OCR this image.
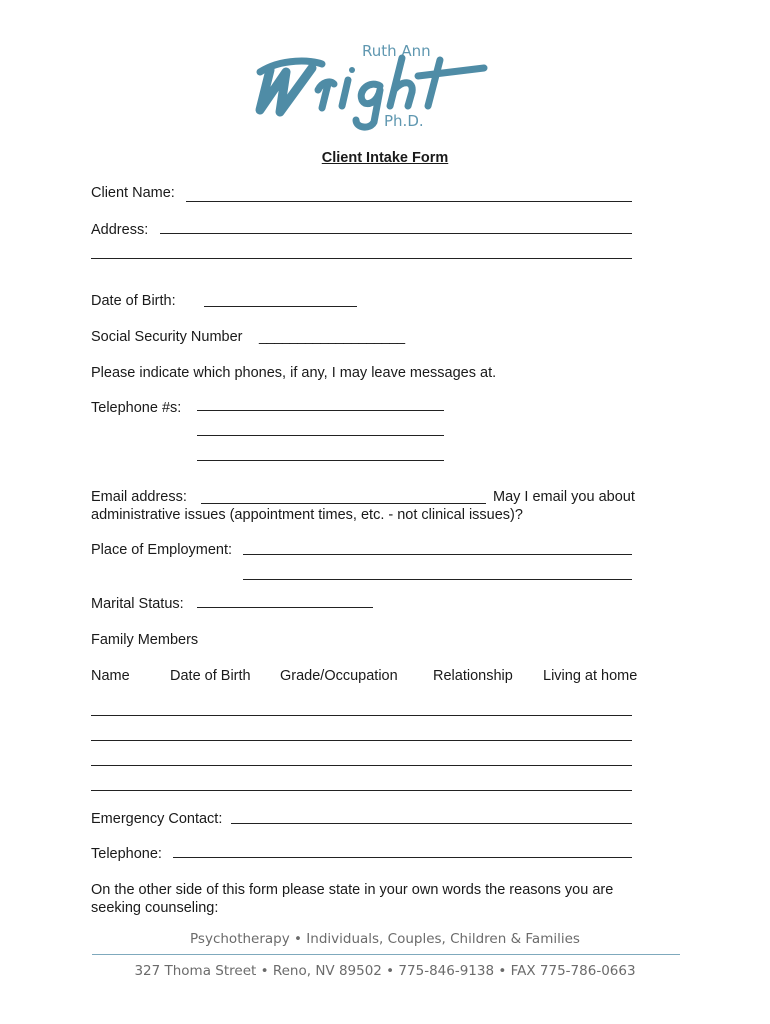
Ruth Ann
Ph.D.
Client Intake Form
Client Name:
Address:
Date of Birth:
Social Security Number ___________________
Please indicate which phones, if any, I may leave messages at.
Telephone #s:
Email address:	May I email you about
administrative issues (appointment times, etc. - not clinical issues)?
Place of Employment:
Marital Status:
Family Members
Name	Date of Birth Grade/Occupation Relationship Living at home
Emergency Contact:
Telephone:
On the other side of this form please state in your own words the reasons you are
seeking counseling:
Psychotherapy • Individuals, Couples, Children & Families
327 Thoma Street • Reno, NV 89502 • 775-846-9138 • FAX 775-786-0663
